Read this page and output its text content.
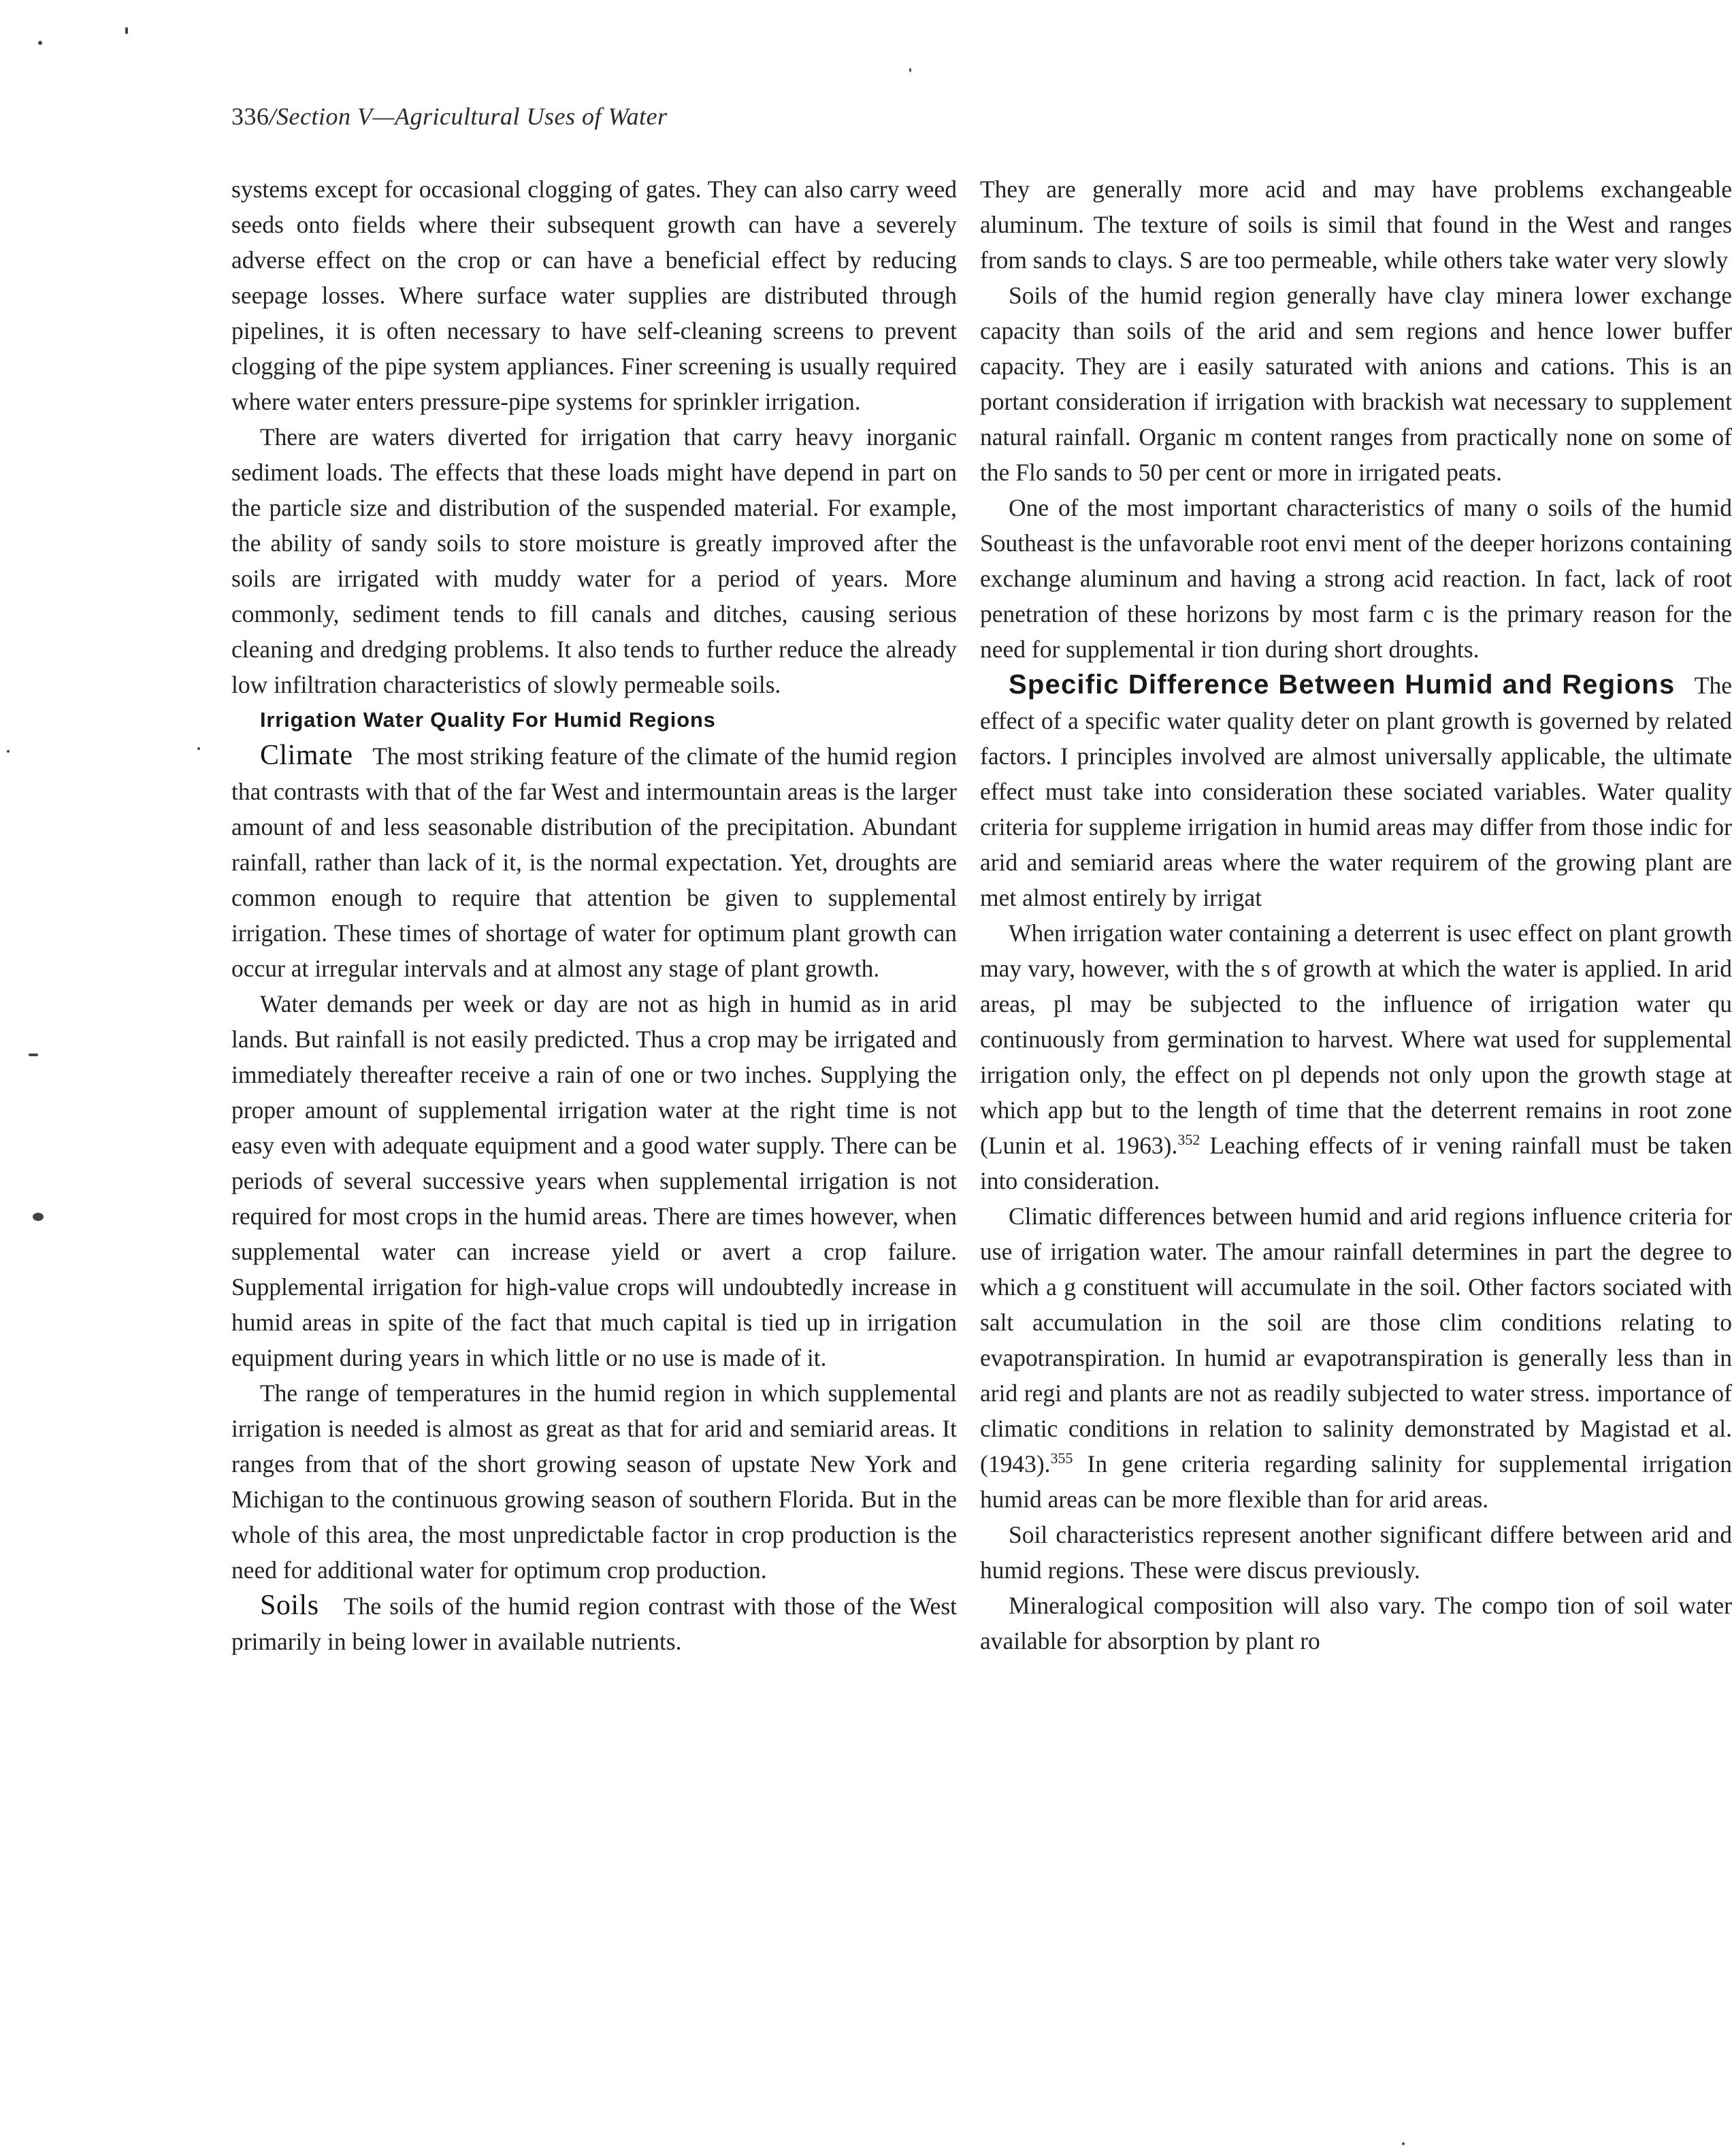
336/Section V—Agricultural Uses of Water

systems except for occasional clogging of gates. They can also carry weed seeds onto fields where their subsequent growth can have a severely adverse effect on the crop or can have a beneficial effect by reducing seepage losses. Where surface water supplies are distributed through pipelines, it is often necessary to have self-cleaning screens to prevent clogging of the pipe system appliances. Finer screening is usually required where water enters pressure-pipe systems for sprinkler irrigation.

There are waters diverted for irrigation that carry heavy inorganic sediment loads. The effects that these loads might have depend in part on the particle size and distribution of the suspended material. For example, the ability of sandy soils to store moisture is greatly improved after the soils are irrigated with muddy water for a period of years. More commonly, sediment tends to fill canals and ditches, causing serious cleaning and dredging problems. It also tends to further reduce the already low infiltration characteristics of slowly permeable soils.

Irrigation Water Quality For Humid Regions

Climate The most striking feature of the climate of the humid region that contrasts with that of the far West and intermountain areas is the larger amount of and less seasonable distribution of the precipitation. Abundant rainfall, rather than lack of it, is the normal expectation. Yet, droughts are common enough to require that attention be given to supplemental irrigation. These times of shortage of water for optimum plant growth can occur at irregular intervals and at almost any stage of plant growth.

Water demands per week or day are not as high in humid as in arid lands. But rainfall is not easily predicted. Thus a crop may be irrigated and immediately thereafter receive a rain of one or two inches. Supplying the proper amount of supplemental irrigation water at the right time is not easy even with adequate equipment and a good water supply. There can be periods of several successive years when supplemental irrigation is not required for most crops in the humid areas. There are times however, when supplemental water can increase yield or avert a crop failure. Supplemental irrigation for high-value crops will undoubtedly increase in humid areas in spite of the fact that much capital is tied up in irrigation equipment during years in which little or no use is made of it.

The range of temperatures in the humid region in which supplemental irrigation is needed is almost as great as that for arid and semiarid areas. It ranges from that of the short growing season of upstate New York and Michigan to the continuous growing season of southern Florida. But in the whole of this area, the most unpredictable factor in crop production is the need for additional water for optimum crop production.

Soils The soils of the humid region contrast with those of the West primarily in being lower in available nutrients.

They are generally more acid and may have problems exchangeable aluminum. The texture of soils is simil that found in the West and ranges from sands to clays. S are too permeable, while others take water very slowly

Soils of the humid region generally have clay minera lower exchange capacity than soils of the arid and sem regions and hence lower buffer capacity. They are i easily saturated with anions and cations. This is an portant consideration if irrigation with brackish wat necessary to supplement natural rainfall. Organic m content ranges from practically none on some of the Flo sands to 50 per cent or more in irrigated peats.

One of the most important characteristics of many o soils of the humid Southeast is the unfavorable root envi ment of the deeper horizons containing exchange aluminum and having a strong acid reaction. In fact, lack of root penetration of these horizons by most farm c is the primary reason for the need for supplemental ir tion during short droughts.

Specific Difference Between Humid and Regions The effect of a specific water quality deter on plant growth is governed by related factors. I principles involved are almost universally applicable, the ultimate effect must take into consideration these sociated variables. Water quality criteria for suppleme irrigation in humid areas may differ from those indic for arid and semiarid areas where the water requirem of the growing plant are met almost entirely by irrigat

When irrigation water containing a deterrent is usec effect on plant growth may vary, however, with the s of growth at which the water is applied. In arid areas, pl may be subjected to the influence of irrigation water qu continuously from germination to harvest. Where wat used for supplemental irrigation only, the effect on pl depends not only upon the growth stage at which app but to the length of time that the deterrent remains in root zone (Lunin et al. 1963).$^{352}$ Leaching effects of ir vening rainfall must be taken into consideration.

Climatic differences between humid and arid regions influence criteria for use of irrigation water. The amour rainfall determines in part the degree to which a g constituent will accumulate in the soil. Other factors sociated with salt accumulation in the soil are those clim conditions relating to evapotranspiration. In humid ar evapotranspiration is generally less than in arid regi and plants are not as readily subjected to water stress. importance of climatic conditions in relation to salinity demonstrated by Magistad et al. (1943).$^{355}$ In gene criteria regarding salinity for supplemental irrigation humid areas can be more flexible than for arid areas.

Soil characteristics represent another significant differe between arid and humid regions. These were discus previously.

Mineralogical composition will also vary. The compo tion of soil water available for absorption by plant ro
